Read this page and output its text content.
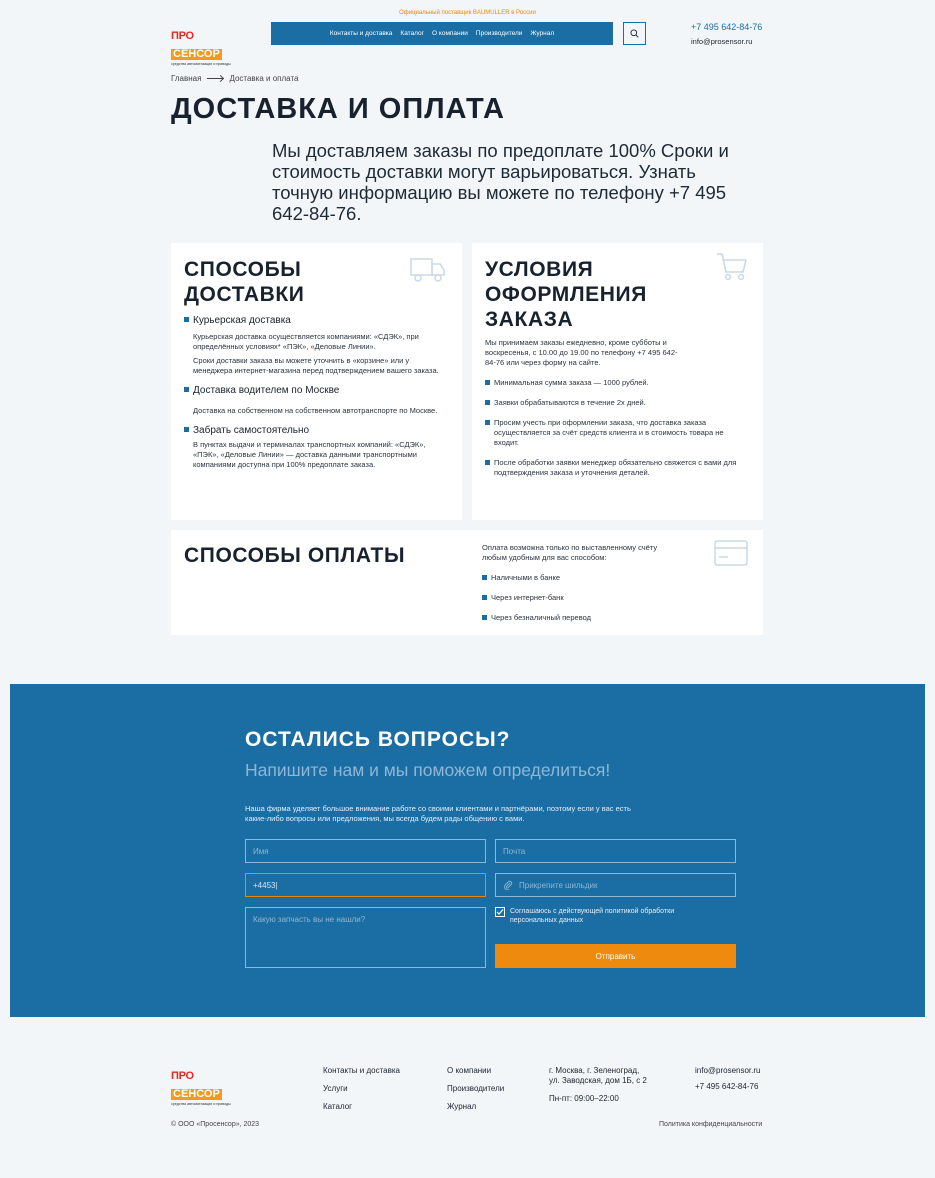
Официальный поставщик BAUMULLER в России
ПРОСЕНСОР
средства автоматизации и приводы
Контакты и доставка Каталог О компании Производители Журнал
+7 495 642-84-76
info@prosensor.ru
Главная	Доставка и оплата
ДОСТАВКА И ОПЛАТА
Мы доставляем заказы по предоплате 100% Сроки и стоимость доставки могут варьироваться. Узнать точную информацию вы можете по телефону +7 495 642-84-76.
СПОСОБЫ
ДОСТАВКИ
Курьерская доставка
Курьерская доставка осуществляется компаниями: «СДЭК», при определённых условиях* «ПЭК», «Деловые Линии».
Сроки доставки заказа вы можете уточнить в «корзине» или у менеджера интернет-магазина перед подтверждением вашего заказа.
Доставка водителем по Москве
Доставка на собственном на собственном автотранспорте по Москве.
Забрать самостоятельно
В пунктах выдачи и терминалах транспортных компаний: «СДЭК», «ПЭК», «Деловые Линии» — доставка данными транспортными компаниями доступна при 100% предоплате заказа.
УСЛОВИЯ
ОФОРМЛЕНИЯ
ЗАКАЗА
Мы принимаем заказы ежедневно, кроме субботы и воскресенья, с 10.00 до 19.00 по телефону +7 495 642-84-76 или через форму на сайте.
Минимальная сумма заказа — 1000 рублей.
Заявки обрабатываются в течение 2х дней.
Просим учесть при оформлении заказа, что доставка заказа осуществляется за счёт средств клиента и в стоимость товара не входит.
После обработки заявки менеджер обязательно свяжется с вами для подтверждения заказа и уточнения деталей.
СПОСОБЫ ОПЛАТЫ	Оплата возможна только по выставленному счёту любым удобным для вас способом:
Наличными в банке
Через интернет-банк
Через безналичный перевод
ОСТАЛИСЬ ВОПРОСЫ?
Напишите нам и мы поможем определиться!
Наша фирма уделяет большое внимание работе со своими клиентами и партнёрами, поэтому если у вас есть какие-либо вопросы или предложения, мы всегда будем рады общению с вами.
Имя	Почта
+4453|	Прикрепите шильдик
Какую запчасть вы не нашли?
Соглашаюсь с действующей политикой обработки персональных данных
Отправить
ПРОСЕНСОР
средства автоматизации и приводы
Контакты и доставка
Услуги
Каталог
О компании
Производители
Журнал
г. Москва, г. Зеленоград,
ул. Заводская, дом 1Б, с 2
Пн-пт: 09:00–22:00
info@prosensor.ru
+7 495 642-84-76
© ООО «Просенсор», 2023	Политика конфиденциальности
